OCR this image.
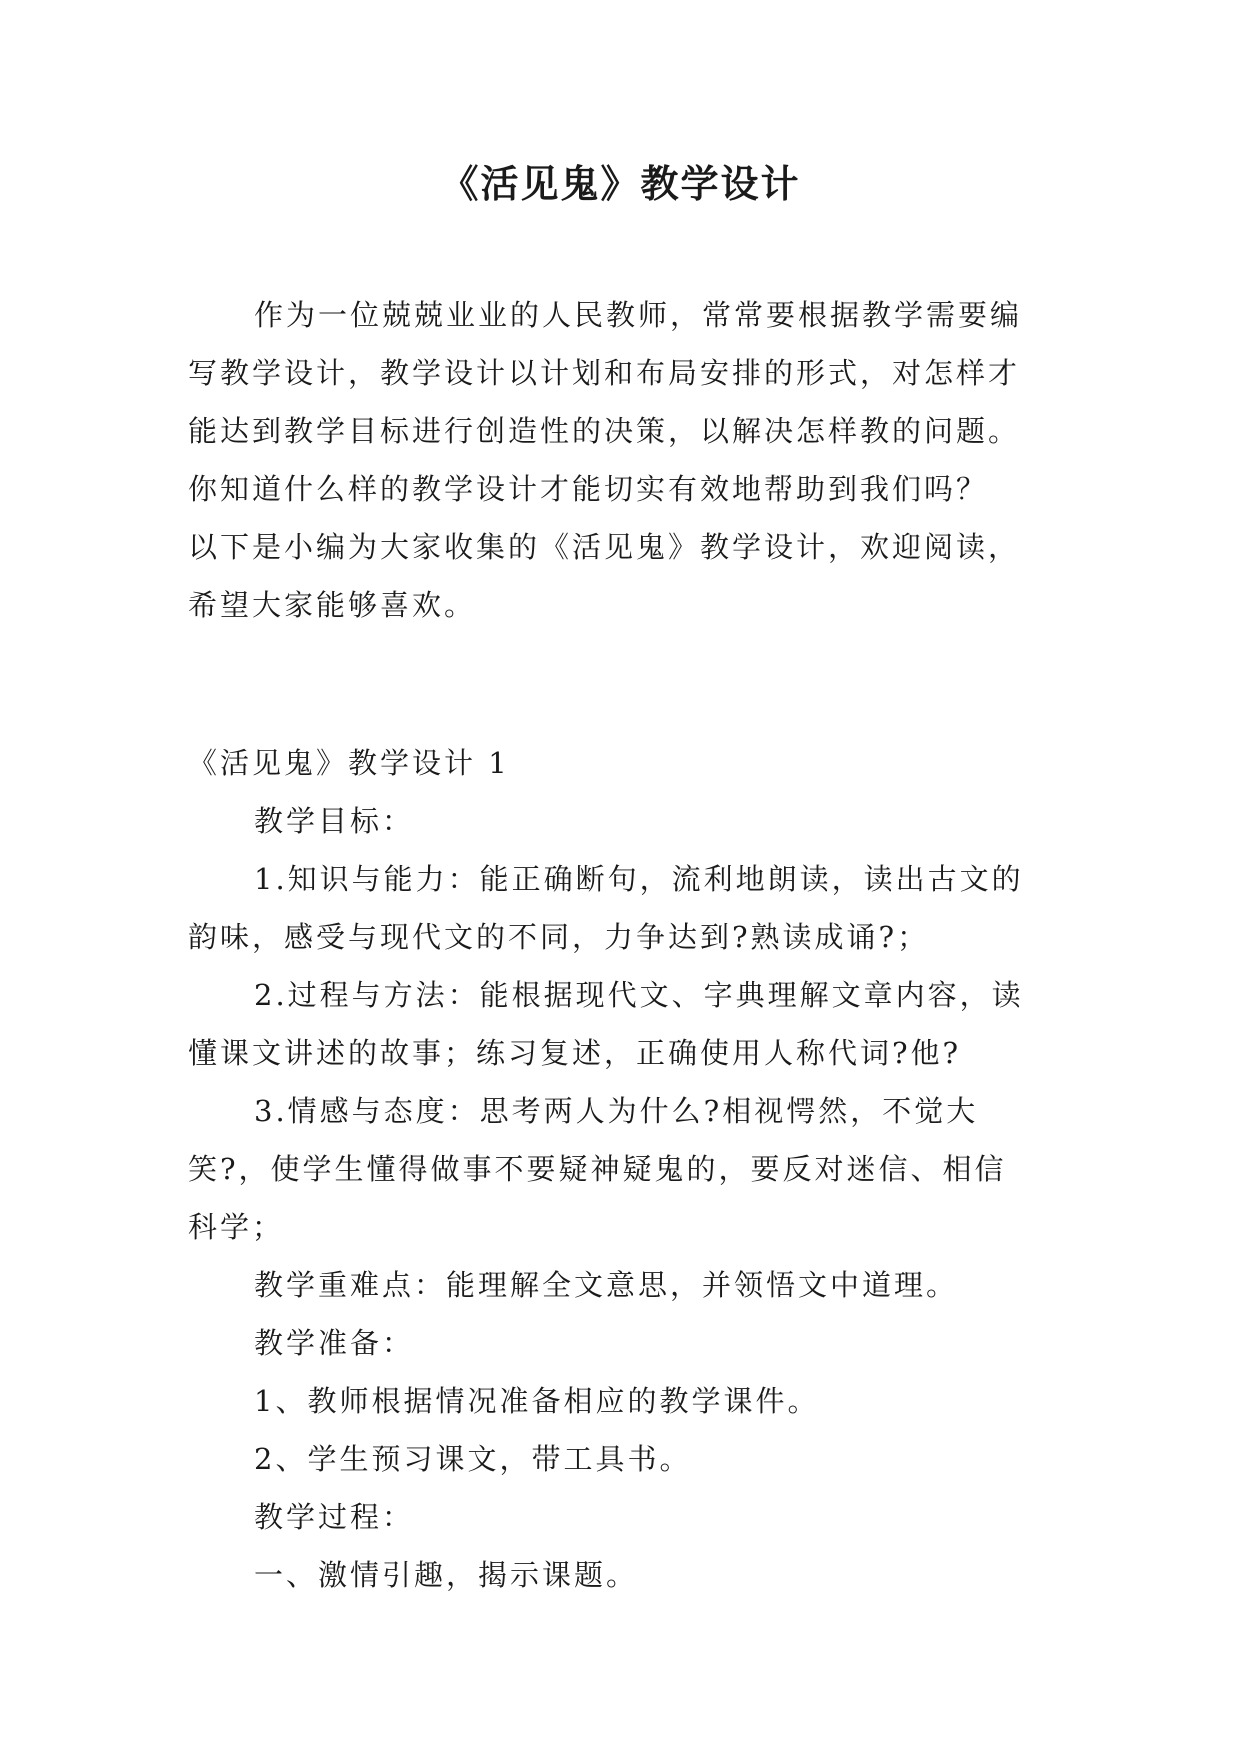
《活见鬼》教学设计
作为一位兢兢业业的人民教师，常常要根据教学需要编
写教学设计，教学设计以计划和布局安排的形式，对怎样才
能达到教学目标进行创造性的决策，以解决怎样教的问题。
你知道什么样的教学设计才能切实有效地帮助到我们吗？
以下是小编为大家收集的《活见鬼》教学设计，欢迎阅读，
希望大家能够喜欢。
《活见鬼》教学设计 1
教学目标：
1.知识与能力：能正确断句，流利地朗读，读出古文的
韵味，感受与现代文的不同，力争达到?熟读成诵?；
2.过程与方法：能根据现代文、字典理解文章内容，读
懂课文讲述的故事；练习复述，正确使用人称代词?他?
3.情感与态度：思考两人为什么?相视愕然，不觉大
笑?，使学生懂得做事不要疑神疑鬼的，要反对迷信、相信
科学；
教学重难点：能理解全文意思，并领悟文中道理。
教学准备：
1、教师根据情况准备相应的教学课件。
2、学生预习课文，带工具书。
教学过程：
一、激情引趣，揭示课题。
